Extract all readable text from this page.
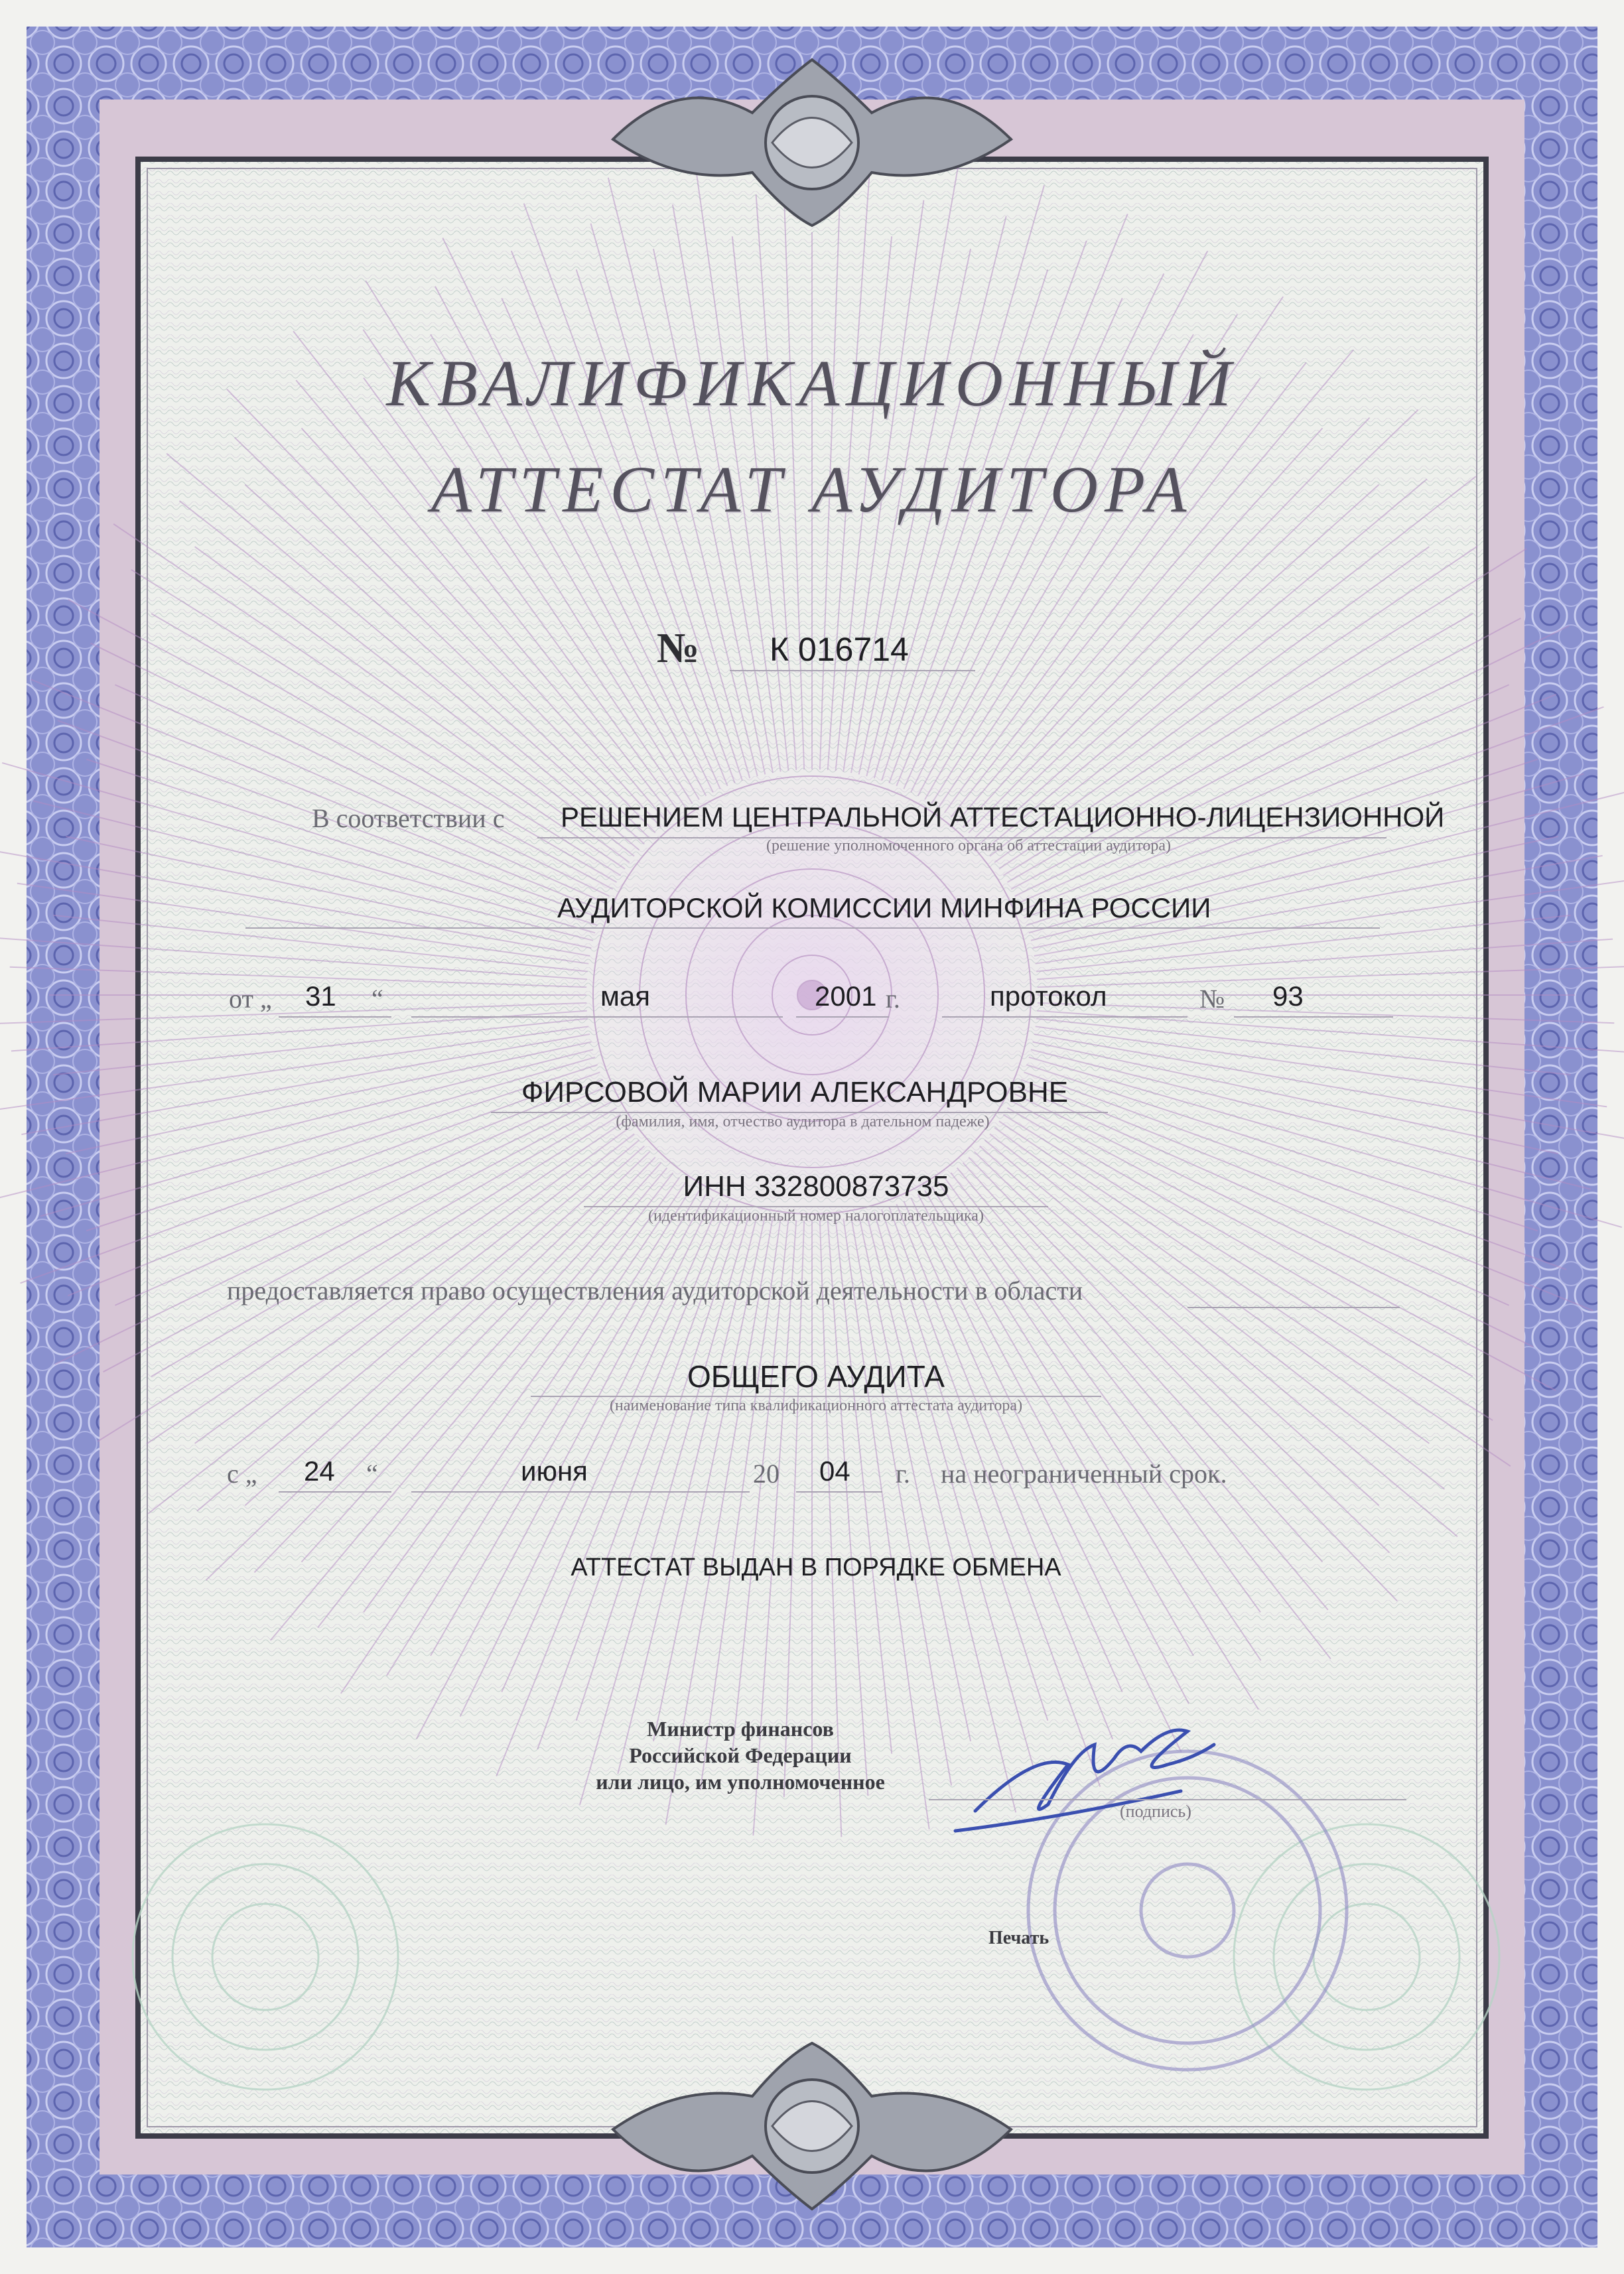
КВАЛИФИКАЦИОННЫЙ
АТТЕСТАТ АУДИТОРА
№ К 016714
В соответствии с РЕШЕНИЕМ ЦЕНТРАЛЬНОЙ АТТЕСТАЦИОННО-ЛИЦЕНЗИОННОЙ
(решение уполномоченного органа об аттестации аудитора)
АУДИТОРСКОЙ КОМИССИИ МИНФИНА РОССИИ
от „ 31 “	мая	2001 г.	протокол	№ 93
ФИРСОВОЙ МАРИИ АЛЕКСАНДРОВНЕ
(фамилия, имя, отчество аудитора в дательном падеже)
ИНН 332800873735
(идентификационный номер налогоплательщика)
предоставляется право осуществления аудиторской деятельности в области
ОБЩЕГО АУДИТА
(наименование типа квалификационного аттестата аудитора)
с „ 24 “	июня	20 04 г. на неограниченный срок.
АТТЕСТАТ ВЫДАН В ПОРЯДКЕ ОБМЕНА
Министр финансов
Российской Федерации
или лицо, им уполномоченное
(подпись)
Печать
